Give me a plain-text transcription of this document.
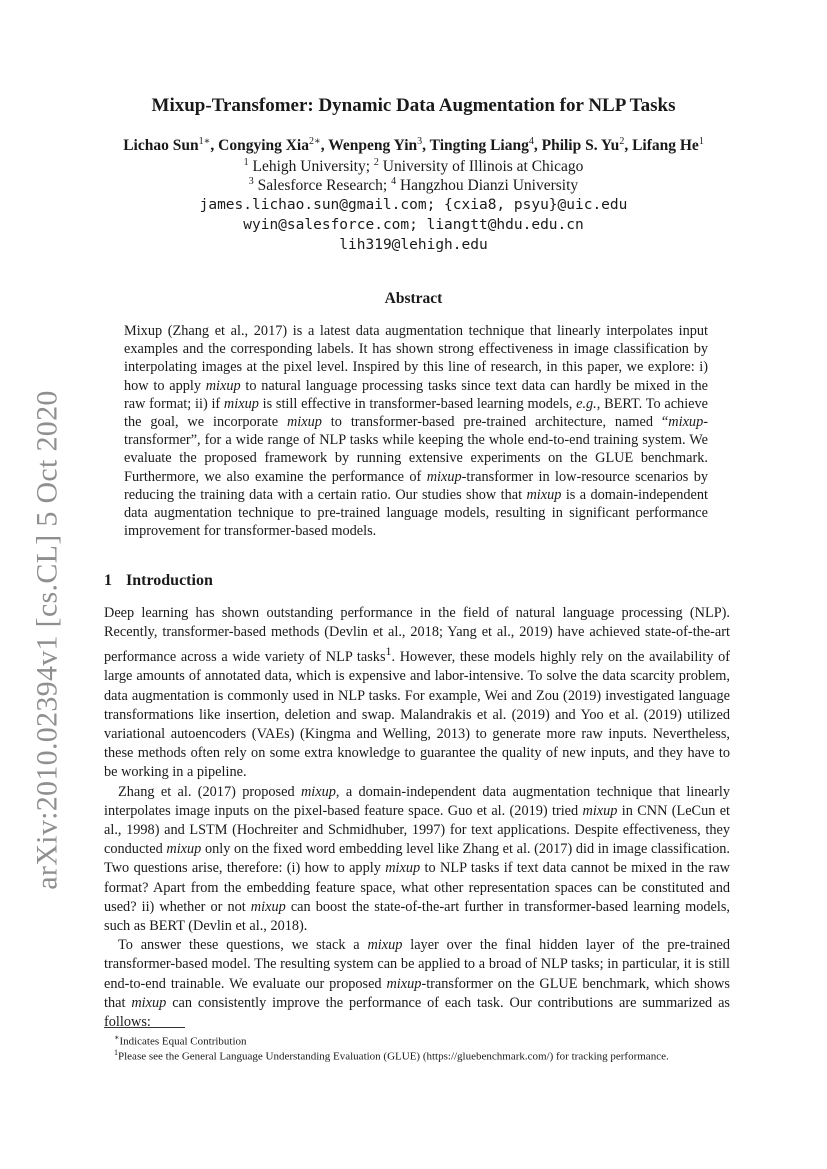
arXiv:2010.02394v1 [cs.CL] 5 Oct 2020
Mixup-Transfomer: Dynamic Data Augmentation for NLP Tasks
Lichao Sun$^{1∗}$, Congying Xia$^{2∗}$, Wenpeng Yin$^3$, Tingting Liang$^4$, Philip S. Yu$^2$, Lifang He$^1$
$^1$ Lehigh University; $^2$ University of Illinois at Chicago
$^3$ Salesforce Research; $^4$ Hangzhou Dianzi University
james.lichao.sun@gmail.com; {cxia8, psyu}@uic.edu
wyin@salesforce.com; liangtt@hdu.edu.cn
lih319@lehigh.edu
Abstract

Mixup (Zhang et al., 2017) is a latest data augmentation technique that linearly interpolates input examples and the corresponding labels. It has shown strong effectiveness in image classification by interpolating images at the pixel level. Inspired by this line of research, in this paper, we explore: i) how to apply mixup to natural language processing tasks since text data can hardly be mixed in the raw format; ii) if mixup is still effective in transformer-based learning models, e.g., BERT. To achieve the goal, we incorporate mixup to transformer-based pre-trained architecture, named “mixup-transformer”, for a wide range of NLP tasks while keeping the whole end-to-end training system. We evaluate the proposed framework by running extensive experiments on the GLUE benchmark. Furthermore, we also examine the performance of mixup-transformer in low-resource scenarios by reducing the training data with a certain ratio. Our studies show that mixup is a domain-independent data augmentation technique to pre-trained language models, resulting in significant performance improvement for transformer-based models.

1 Introduction

Deep learning has shown outstanding performance in the field of natural language processing (NLP). Recently, transformer-based methods (Devlin et al., 2018; Yang et al., 2019) have achieved state-of-the-art performance across a wide variety of NLP tasks$^1$. However, these models highly rely on the availability of large amounts of annotated data, which is expensive and labor-intensive. To solve the data scarcity problem, data augmentation is commonly used in NLP tasks. For example, Wei and Zou (2019) investigated language transformations like insertion, deletion and swap. Malandrakis et al. (2019) and Yoo et al. (2019) utilized variational autoencoders (VAEs) (Kingma and Welling, 2013) to generate more raw inputs. Nevertheless, these methods often rely on some extra knowledge to guarantee the quality of new inputs, and they have to be working in a pipeline.

Zhang et al. (2017) proposed mixup, a domain-independent data augmentation technique that linearly interpolates image inputs on the pixel-based feature space. Guo et al. (2019) tried mixup in CNN (LeCun et al., 1998) and LSTM (Hochreiter and Schmidhuber, 1997) for text applications. Despite effectiveness, they conducted mixup only on the fixed word embedding level like Zhang et al. (2017) did in image classification. Two questions arise, therefore: (i) how to apply mixup to NLP tasks if text data cannot be mixed in the raw format? Apart from the embedding feature space, what other representation spaces can be constituted and used? ii) whether or not mixup can boost the state-of-the-art further in transformer-based learning models, such as BERT (Devlin et al., 2018).

To answer these questions, we stack a mixup layer over the final hidden layer of the pre-trained transformer-based model. The resulting system can be applied to a broad of NLP tasks; in particular, it is still end-to-end trainable. We evaluate our proposed mixup-transformer on the GLUE benchmark, which shows that mixup can consistently improve the performance of each task. Our contributions are summarized as follows:

∗Indicates Equal Contribution
$^1$Please see the General Language Understanding Evaluation (GLUE) (https://gluebenchmark.com/) for tracking performance.
